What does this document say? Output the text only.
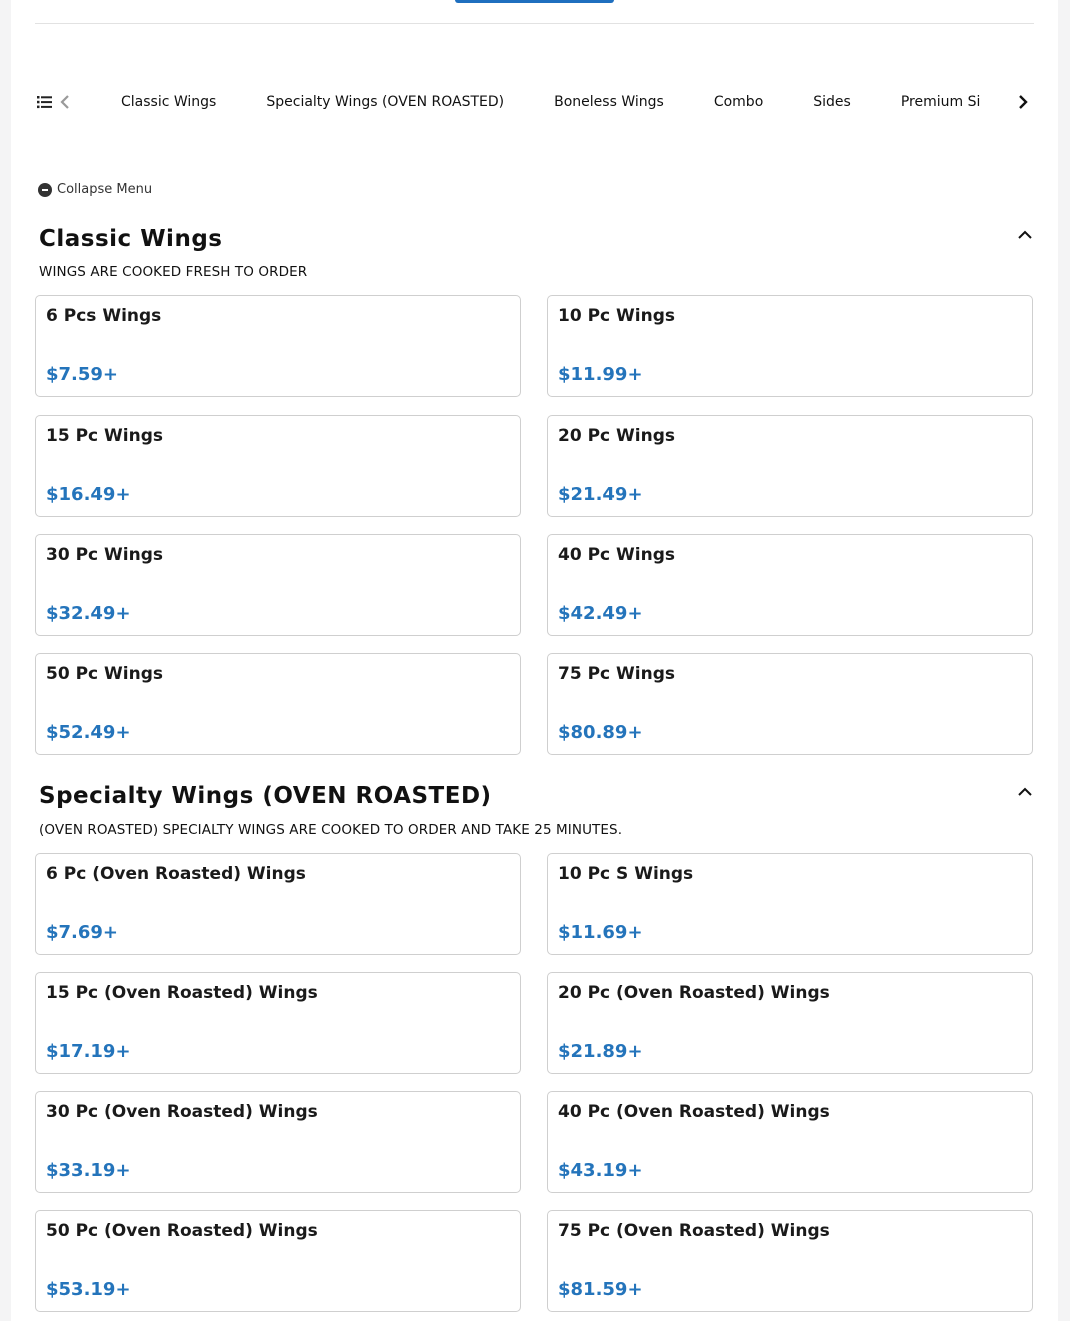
Classic Wings	Specialty Wings (OVEN ROASTED)	Boneless Wings	Combo	Sides	Premium Si
Collapse Menu
Classic Wings
WINGS ARE COOKED FRESH TO ORDER
6 Pcs Wings
$7.59+
10 Pc Wings
$11.99+
15 Pc Wings
$16.49+
20 Pc Wings
$21.49+
30 Pc Wings
$32.49+
40 Pc Wings
$42.49+
50 Pc Wings
$52.49+
75 Pc Wings
$80.89+
Specialty Wings (OVEN ROASTED)
(OVEN ROASTED) SPECIALTY WINGS ARE COOKED TO ORDER AND TAKE 25 MINUTES.
6 Pc (Oven Roasted) Wings
$7.69+
10 Pc S Wings
$11.69+
15 Pc (Oven Roasted) Wings
$17.19+
20 Pc (Oven Roasted) Wings
$21.89+
30 Pc (Oven Roasted) Wings
$33.19+
40 Pc (Oven Roasted) Wings
$43.19+
50 Pc (Oven Roasted) Wings
$53.19+
75 Pc (Oven Roasted) Wings
$81.59+
